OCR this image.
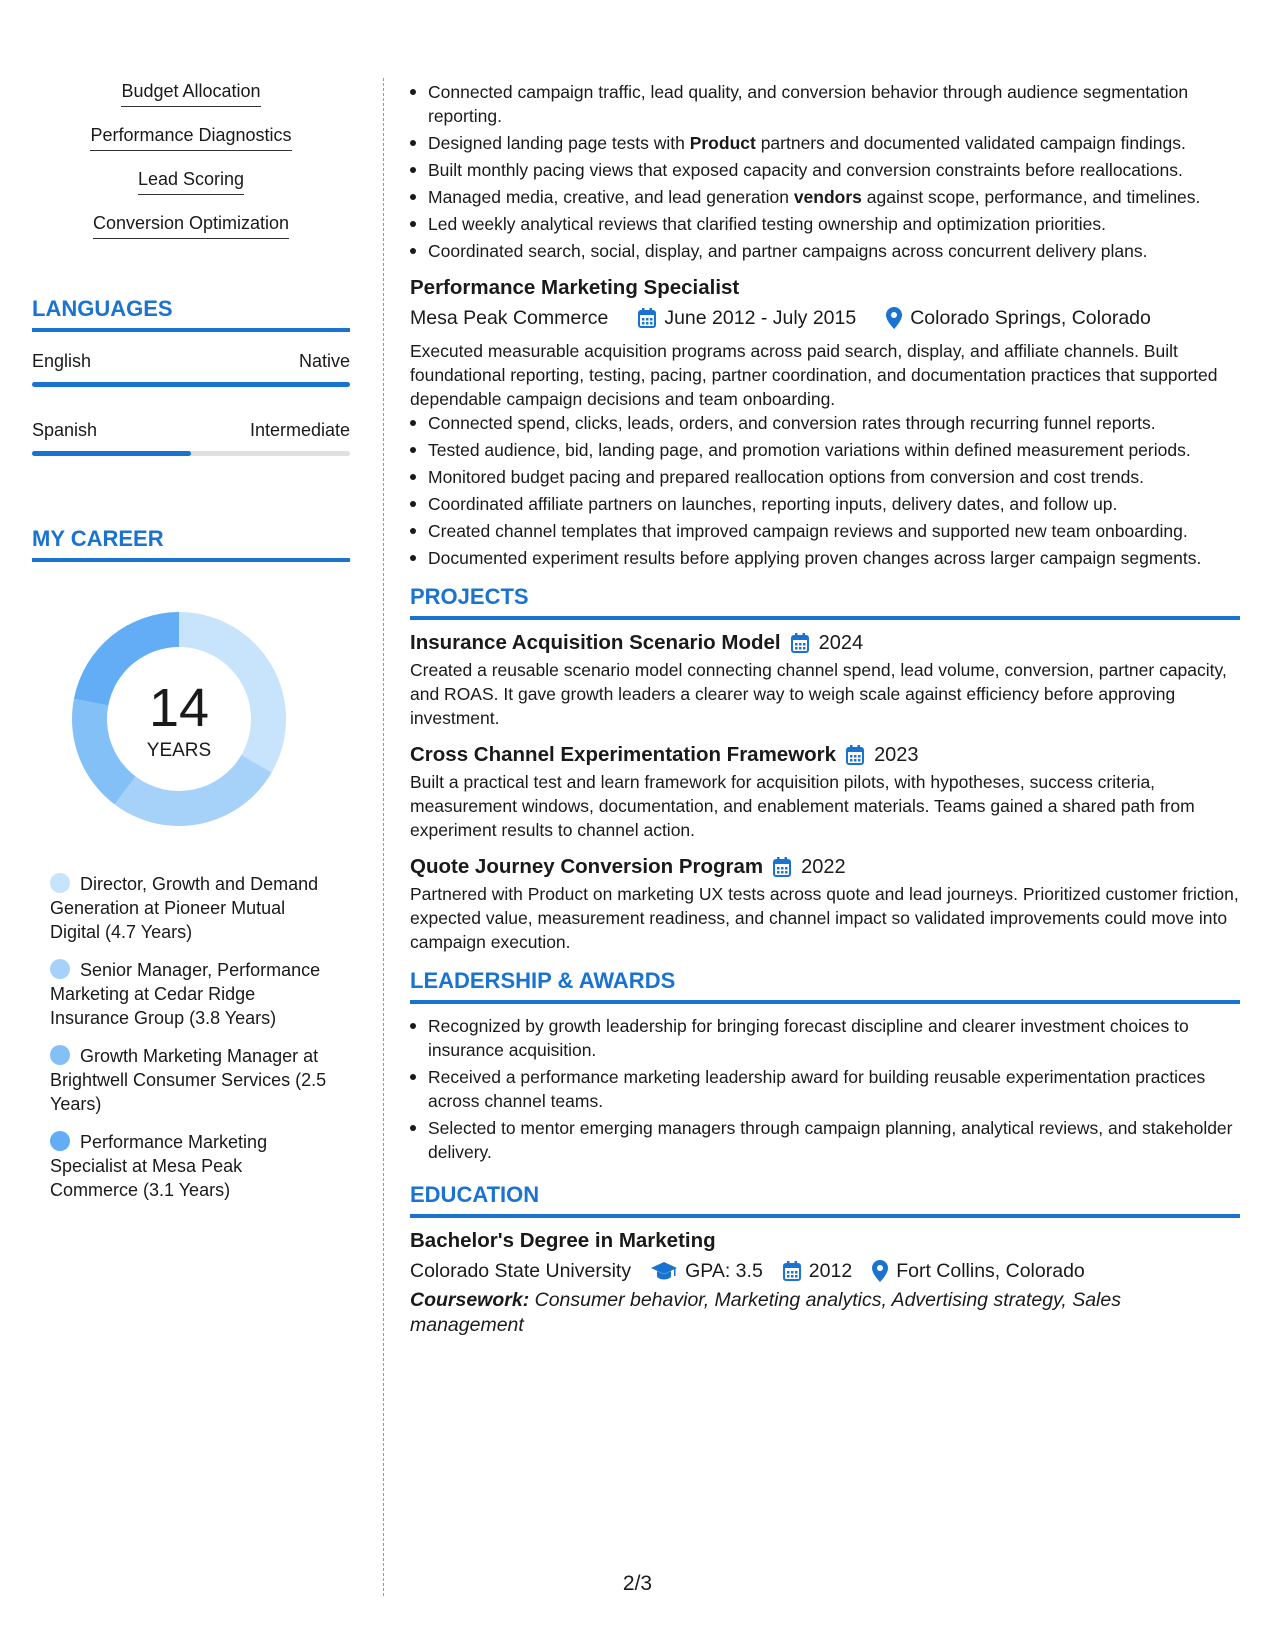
Budget Allocation
Performance Diagnostics
Lead Scoring
Conversion Optimization
LANGUAGES
English	Native
Spanish	Intermediate
MY CAREER
14
YEARS
Director, Growth and Demand Generation at Pioneer Mutual Digital (4.7 Years)
Senior Manager, Performance Marketing at Cedar Ridge Insurance Group (3.8 Years)
Growth Marketing Manager at Brightwell Consumer Services (2.5 Years)
Performance Marketing Specialist at Mesa Peak Commerce (3.1 Years)
Connected campaign traffic, lead quality, and conversion behavior through audience segmentation reporting.
Designed landing page tests with Product partners and documented validated campaign findings.
Built monthly pacing views that exposed capacity and conversion constraints before reallocations.
Managed media, creative, and lead generation vendors against scope, performance, and timelines.
Led weekly analytical reviews that clarified testing ownership and optimization priorities.
Coordinated search, social, display, and partner campaigns across concurrent delivery plans.
Performance Marketing Specialist
Mesa Peak Commerce	June 2012 - July 2015	Colorado Springs, Colorado
Executed measurable acquisition programs across paid search, display, and affiliate channels. Built foundational reporting, testing, pacing, partner coordination, and documentation practices that supported dependable campaign decisions and team onboarding.
Connected spend, clicks, leads, orders, and conversion rates through recurring funnel reports.
Tested audience, bid, landing page, and promotion variations within defined measurement periods.
Monitored budget pacing and prepared reallocation options from conversion and cost trends.
Coordinated affiliate partners on launches, reporting inputs, delivery dates, and follow up.
Created channel templates that improved campaign reviews and supported new team onboarding.
Documented experiment results before applying proven changes across larger campaign segments.
PROJECTS
Insurance Acquisition Scenario Model 2024
Created a reusable scenario model connecting channel spend, lead volume, conversion, partner capacity, and ROAS. It gave growth leaders a clearer way to weigh scale against efficiency before approving investment.
Cross Channel Experimentation Framework 2023
Built a practical test and learn framework for acquisition pilots, with hypotheses, success criteria, measurement windows, documentation, and enablement materials. Teams gained a shared path from experiment results to channel action.
Quote Journey Conversion Program 2022
Partnered with Product on marketing UX tests across quote and lead journeys. Prioritized customer friction, expected value, measurement readiness, and channel impact so validated improvements could move into campaign execution.
LEADERSHIP & AWARDS
Recognized by growth leadership for bringing forecast discipline and clearer investment choices to insurance acquisition.
Received a performance marketing leadership award for building reusable experimentation practices across channel teams.
Selected to mentor emerging managers through campaign planning, analytical reviews, and stakeholder delivery.
EDUCATION
Bachelor's Degree in Marketing
Colorado State University	GPA: 3.5 2012 Fort Collins, Colorado
Coursework: Consumer behavior, Marketing analytics, Advertising strategy, Sales management
2/3
